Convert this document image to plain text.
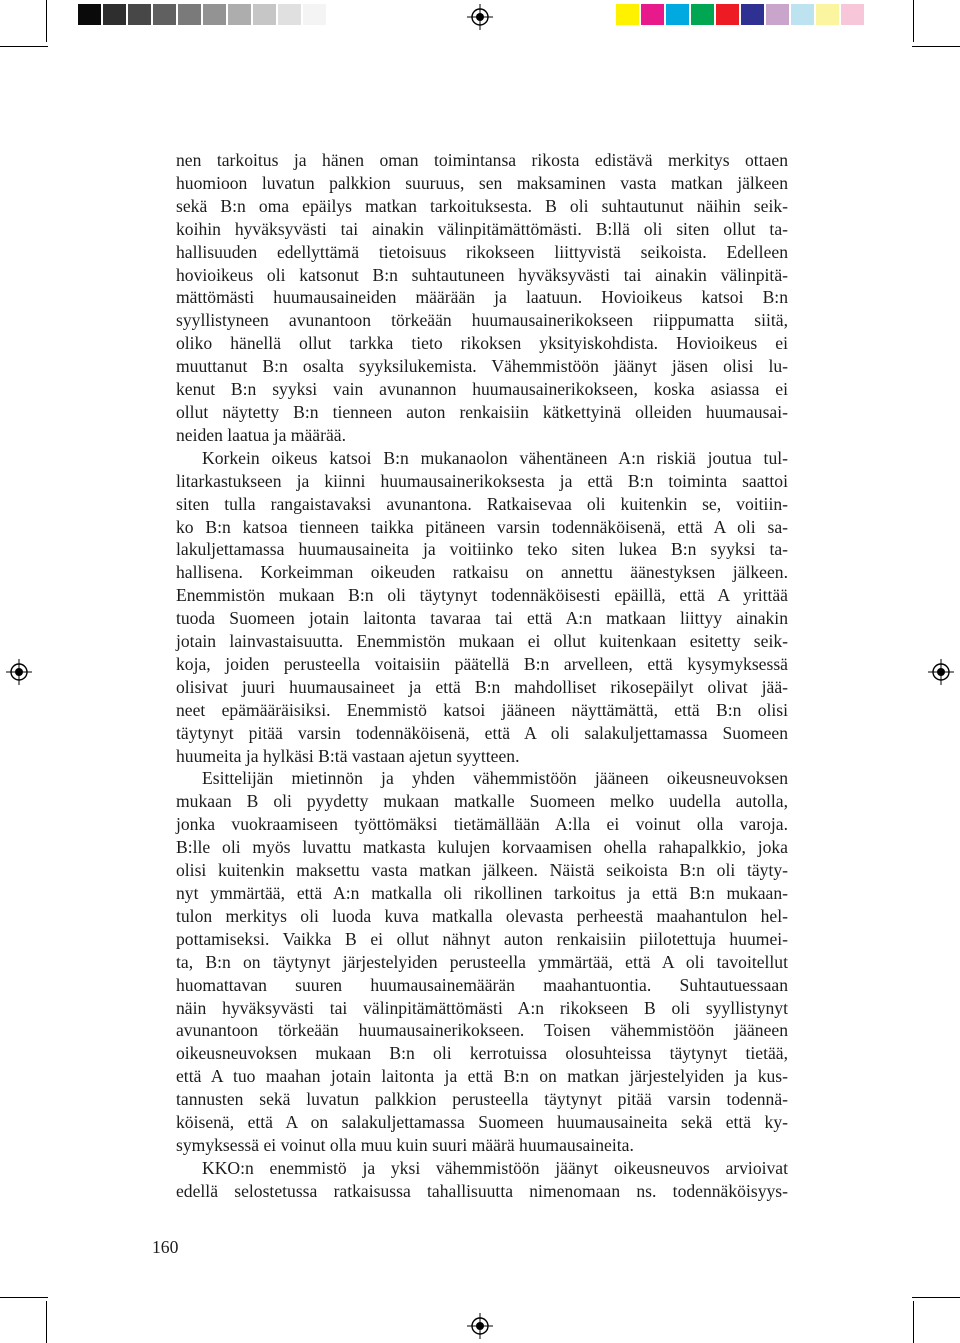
nen tarkoitus ja hänen oman toimintansa rikosta edistävä merkitys ottaen
huomioon luvatun palkkion suuruus, sen maksaminen vasta matkan jälkeen
sekä B:n oma epäilys matkan tarkoituksesta. B oli suhtautunut näihin seik-
koihin hyväksyvästi tai ainakin välinpitämättömästi. B:llä oli siten ollut ta-
hallisuuden edellyttämä tietoisuus rikokseen liittyvistä seikoista. Edelleen
hovioikeus oli katsonut B:n suhtautuneen hyväksyvästi tai ainakin välinpitä-
mättömästi huumausaineiden määrään ja laatuun. Hovioikeus katsoi B:n
syyllistyneen avunantoon törkeään huumausainerikokseen riippumatta siitä,
oliko hänellä ollut tarkka tieto rikoksen yksityiskohdista. Hovioikeus ei
muuttanut B:n osalta syyksilukemista. Vähemmistöön jäänyt jäsen olisi lu-
kenut B:n syyksi vain avunannon huumausainerikokseen, koska asiassa ei
ollut näytetty B:n tienneen auton renkaisiin kätkettyinä olleiden huumausai-
neiden laatua ja määrää.
Korkein oikeus katsoi B:n mukanaolon vähentäneen A:n riskiä joutua tul-
litarkastukseen ja kiinni huumausainerikoksesta ja että B:n toiminta saattoi
siten tulla rangaistavaksi avunantona. Ratkaisevaa oli kuitenkin se, voitiin-
ko B:n katsoa tienneen taikka pitäneen varsin todennäköisenä, että A oli sa-
lakuljettamassa huumausaineita ja voitiinko teko siten lukea B:n syyksi ta-
hallisena. Korkeimman oikeuden ratkaisu on annettu äänestyksen jälkeen.
Enemmistön mukaan B:n oli täytynyt todennäköisesti epäillä, että A yrittää
tuoda Suomeen jotain laitonta tavaraa tai että A:n matkaan liittyy ainakin
jotain lainvastaisuutta. Enemmistön mukaan ei ollut kuitenkaan esitetty seik-
koja, joiden perusteella voitaisiin päätellä B:n arvelleen, että kysymyksessä
olisivat juuri huumausaineet ja että B:n mahdolliset rikosepäilyt olivat jää-
neet epämääräisiksi. Enemmistö katsoi jääneen näyttämättä, että B:n olisi
täytynyt pitää varsin todennäköisenä, että A oli salakuljettamassa Suomeen
huumeita ja hylkäsi B:tä vastaan ajetun syytteen.
Esittelijän mietinnön ja yhden vähemmistöön jääneen oikeusneuvoksen
mukaan B oli pyydetty mukaan matkalle Suomeen melko uudella autolla,
jonka vuokraamiseen työttömäksi tietämällään A:lla ei voinut olla varoja.
B:lle oli myös luvattu matkasta kulujen korvaamisen ohella rahapalkkio, joka
olisi kuitenkin maksettu vasta matkan jälkeen. Näistä seikoista B:n oli täyty-
nyt ymmärtää, että A:n matkalla oli rikollinen tarkoitus ja että B:n mukaan-
tulon merkitys oli luoda kuva matkalla olevasta perheestä maahantulon hel-
pottamiseksi. Vaikka B ei ollut nähnyt auton renkaisiin piilotettuja huumei-
ta, B:n on täytynyt järjestelyiden perusteella ymmärtää, että A oli tavoitellut
huomattavan suuren huumausainemäärän maahantuontia. Suhtautuessaan
näin hyväksyvästi tai välinpitämättömästi A:n rikokseen B oli syyllistynyt
avunantoon törkeään huumausainerikokseen. Toisen vähemmistöön jääneen
oikeusneuvoksen mukaan B:n oli kerrotuissa olosuhteissa täytynyt tietää,
että A tuo maahan jotain laitonta ja että B:n on matkan järjestelyiden ja kus-
tannusten sekä luvatun palkkion perusteella täytynyt pitää varsin todennä-
köisenä, että A on salakuljettamassa Suomeen huumausaineita sekä että ky-
symyksessä ei voinut olla muu kuin suuri määrä huumausaineita.
KKO:n enemmistö ja yksi vähemmistöön jäänyt oikeusneuvos arvioivat
edellä selostetussa ratkaisussa tahallisuutta nimenomaan ns. todennäköisyys-
160
